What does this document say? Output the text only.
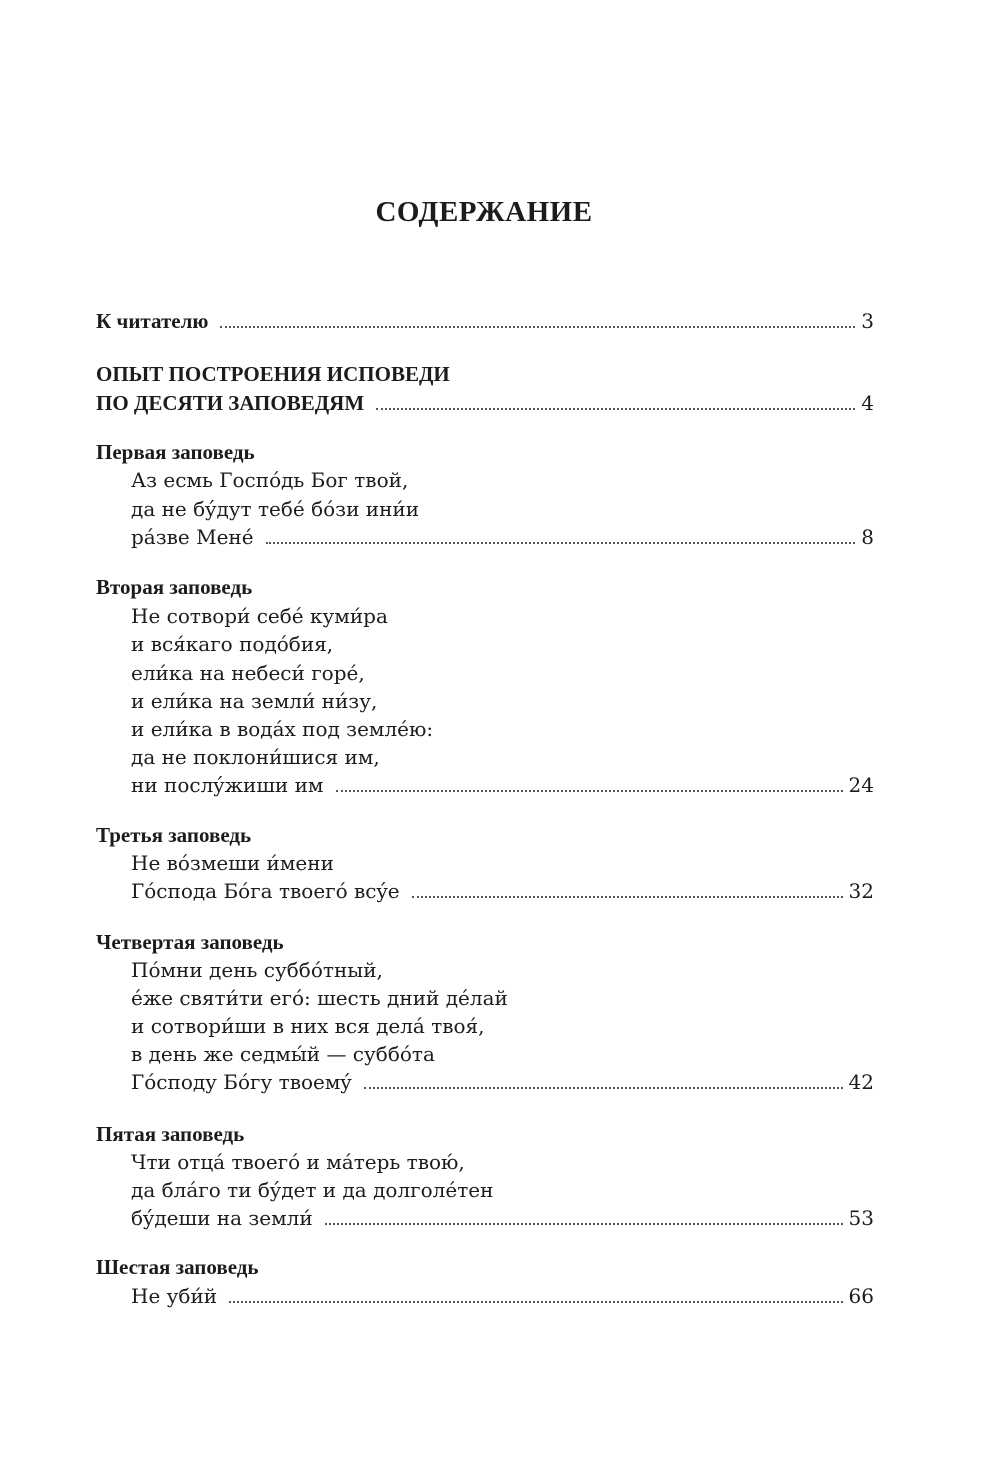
СОДЕРЖАНИЕ
К читателю	3
ОПЫТ ПОСТРОЕНИЯ ИСПОВЕДИ
ПО ДЕСЯТИ ЗАПОВЕДЯМ	4
Первая заповедь
Аз есмь Госпóдь Бог твой,
да не бýдут тебé бóзи ини́и
рáзве Мене́	8
Вторая заповедь
Не сотвори́ себé куми́ра
и вся́каго подóбия,
ели́ка на небеси́ горе́,
и ели́ка на земли́ ни́зу,
и ели́ка в водáх под землéю:
да не поклони́шися им,
ни послýжиши им	24
Третья заповедь
Не вóзмеши и́мени
Гóспода Бóга твоегó всýе	32
Четвертая заповедь
Пóмни день суббóтный,
éже святи́ти егó: шесть дний дéлай
и сотвори́ши в них вся делá твоя́,
в день же седмы́й — суббóта
Гóсподу Бóгу твоемý	42
Пятая заповедь
Чти отцá твоегó и мáтерь твою́,
да блáго ти бýдет и да долголéтен
бýдеши на земли́	53
Шестая заповедь
Не уби́й	66
